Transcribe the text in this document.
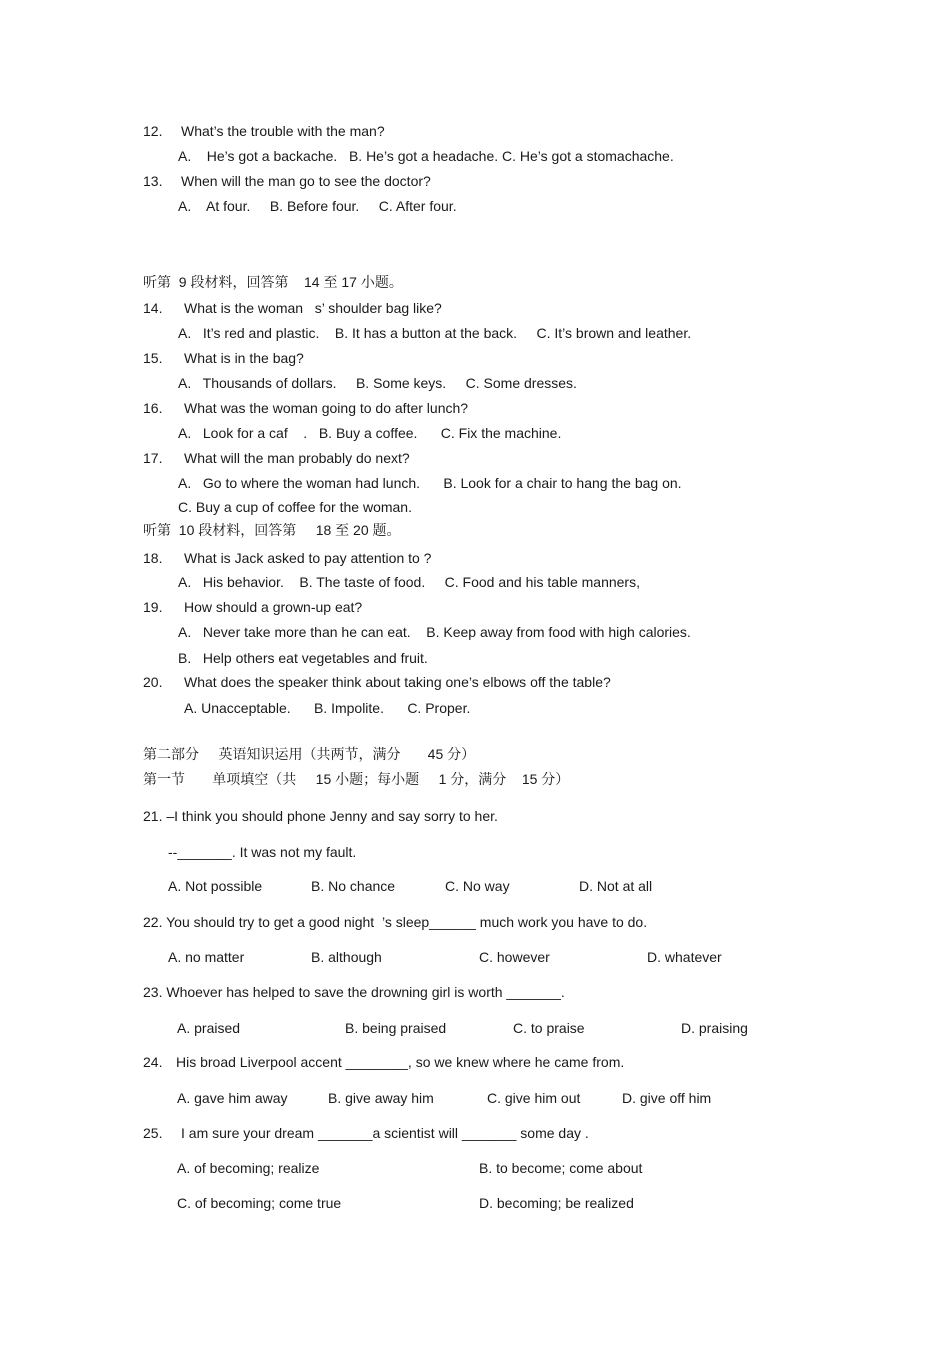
12. What’s the trouble with the man?
A.    He’s got a backache.   B. He’s got a headache. C. He’s got a stomachache.
13. When will the man go to see the doctor?
A.    At four.     B. Before four.     C. After four.
听第  9 段材料，回答第    14 至 17 小题。
14. What is the woman   s’ shoulder bag like?
A.   It’s red and plastic.    B. It has a button at the back.     C. It’s brown and leather.
15. What is in the bag?
A.   Thousands of dollars.     B. Some keys.     C. Some dresses.
16. What was the woman going to do after lunch?
A.   Look for a caf    .   B. Buy a coffee.      C. Fix the machine.
17. What will the man probably do next?
A.   Go to where the woman had lunch.      B. Look for a chair to hang the bag on.
C. Buy a cup of coffee for the woman.
听第  10 段材料，回答第     18 至 20 题。
18. What is Jack asked to pay attention to ?
A.   His behavior.    B. The taste of food.     C. Food and his table manners,
19. How should a grown-up eat?
A.   Never take more than he can eat.    B. Keep away from food with high calories.
B.   Help others eat vegetables and fruit.
20. What does the speaker think about taking one’s elbows off the table?
A. Unacceptable.      B. Impolite.      C. Proper.
第二部分     英语知识运用（共两节，满分       45 分）
第一节       单项填空（共     15 小题；每小题     1 分，满分    15 分）
21. –I think you should phone Jenny and say sorry to her.
--_______. It was not my fault.
A. Not possible	B. No chance	C. No way	D. Not at all
22. You should try to get a good night  ’s sleep______ much work you have to do.
A. no matter	B. although	C. however	D. whatever
23. Whoever has helped to save the drowning girl is worth _______.
A. praised	B. being praised	C. to praise	D. praising
24. His broad Liverpool accent ________, so we knew where he came from.
A. gave him away	B. give away him	C. give him out	D. give off him
25. I am sure your dream _______a scientist will _______ some day .
A. of becoming; realize	B. to become; come about
C. of becoming; come true	D. becoming; be realized
